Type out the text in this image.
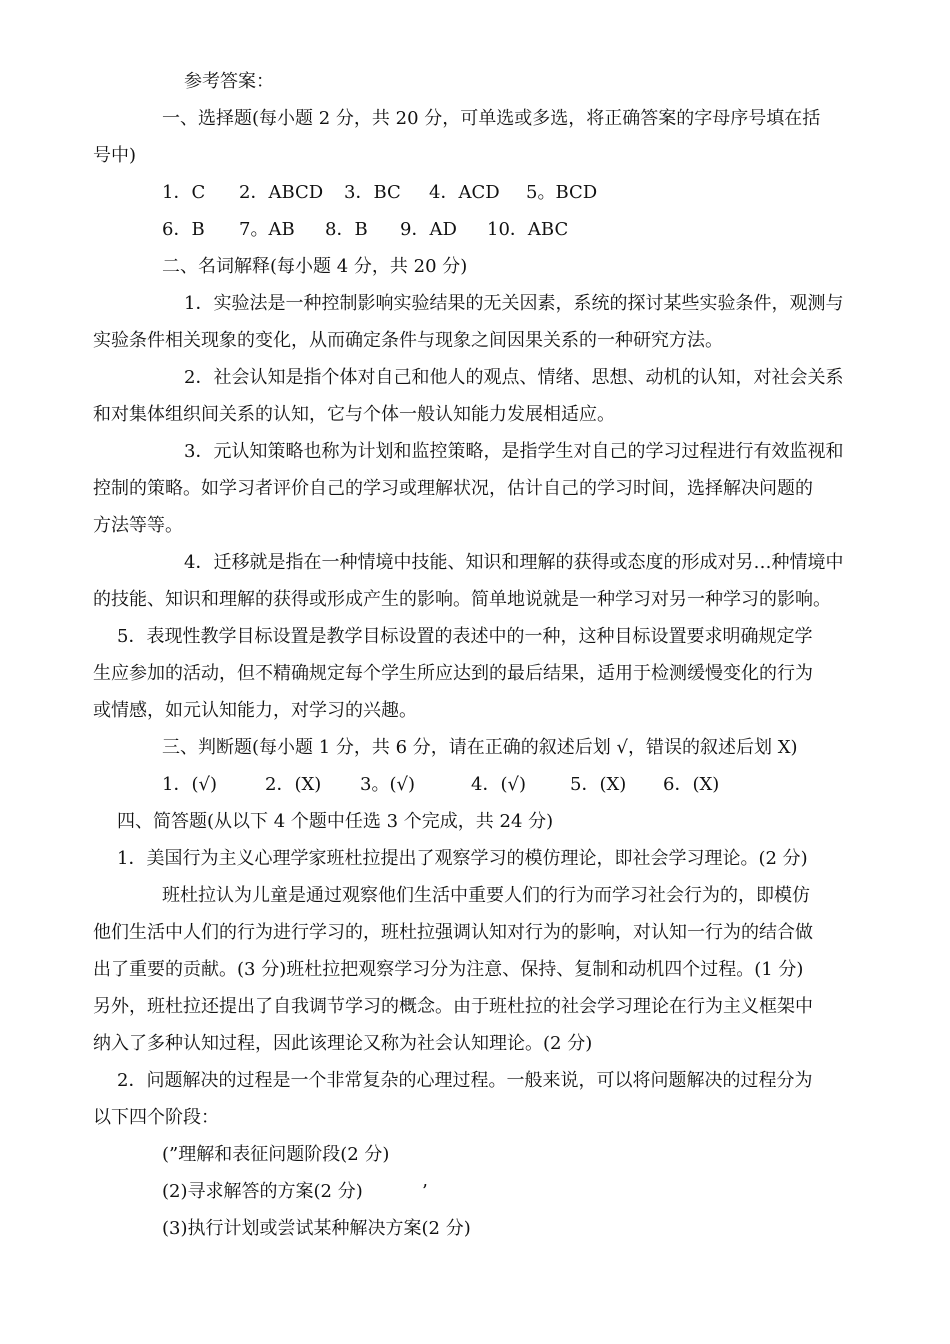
参考答案：
一、选择题(每小题 2 分，共 20 分，可单选或多选，将正确答案的字母序号填在括
号中)
1．C 2．ABCD 3．BC 4．ACD 5。BCD
6．B 7。AB 8．B 9．AD 10．ABC
二、名词解释(每小题 4 分，共 20 分)
1．实验法是一种控制影响实验结果的无关因素，系统的探讨某些实验条件，观测与
实验条件相关现象的变化，从而确定条件与现象之间因果关系的一种研究方法。
2．社会认知是指个体对自己和他人的观点、情绪、思想、动机的认知，对社会关系
和对集体组织间关系的认知，它与个体一般认知能力发展相适应。
3．元认知策略也称为计划和监控策略，是指学生对自己的学习过程进行有效监视和
控制的策略。如学习者评价自己的学习或理解状况，估计自己的学习时间，选择解决问题的
方法等等。
4．迁移就是指在一种情境中技能、知识和理解的获得或态度的形成对另…种情境中
的技能、知识和理解的获得或形成产生的影响。简单地说就是一种学习对另一种学习的影响。
5．表现性教学目标设置是教学目标设置的表述中的一种，这种目标设置要求明确规定学
生应参加的活动，但不精确规定每个学生所应达到的最后结果，适用于检测缓慢变化的行为
或情感，如元认知能力，对学习的兴趣。
三、判断题(每小题 1 分，共 6 分，请在正确的叙述后划 √，错误的叙述后划 X)
1．(√)	2．(X) 3。(√)	4．(√) 5．(X) 6．(X)
四、简答题(从以下 4 个题中任选 3 个完成，共 24 分)
1．美国行为主义心理学家班杜拉提出了观察学习的模仿理论，即社会学习理论。(2 分)
班杜拉认为儿童是通过观察他们生活中重要人们的行为而学习社会行为的，即模仿
他们生活中人们的行为进行学习的，班杜拉强调认知对行为的影响，对认知一行为的结合做
出了重要的贡献。(3 分)班杜拉把观察学习分为注意、保持、复制和动机四个过程。(1 分)
另外，班杜拉还提出了自我调节学习的概念。由于班杜拉的社会学习理论在行为主义框架中
纳入了多种认知过程，因此该理论又称为社会认知理论。(2 分)
2．问题解决的过程是一个非常复杂的心理过程。一般来说，可以将问题解决的过程分为
以下四个阶段：
(”理解和表征问题阶段(2 分)
(2)寻求解答的方案(2 分)	’
(3)执行计划或尝试某种解决方案(2 分)
